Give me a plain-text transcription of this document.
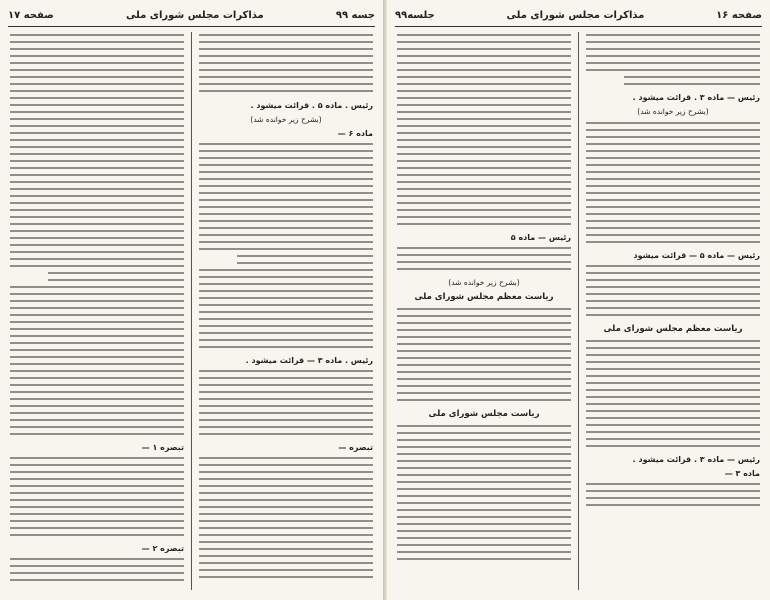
جسه ۹۹
مذاکرات مجلس شورای ملی
صفحه ۱۷
رئیس . ماده ۵ . قرائت میشود .
(بشرح زیر خوانده شد)
ماده ۶ —
رئیس . ماده ۳ — قرائت میشود .
تبصره —
تبصره ۱ —
تبصره ۲ —
صفحه ۱۶
مذاکرات مجلس شورای ملی
جلسه۹۹
رئیس — ماده ۳ . قرائت میشود .
(بشرح زیر خوانده شد)
رئیس — ماده ۵ — قرائت میشود
ریاست معظم مجلس شورای ملی
رئیس — ماده ۳ . قرائت میشود .
ماده ۳ —
رئیس — ماده ۵
(بشرح زیر خوانده شد)
ریاست معظم مجلس شورای ملی
ریاست مجلس شورای ملی
